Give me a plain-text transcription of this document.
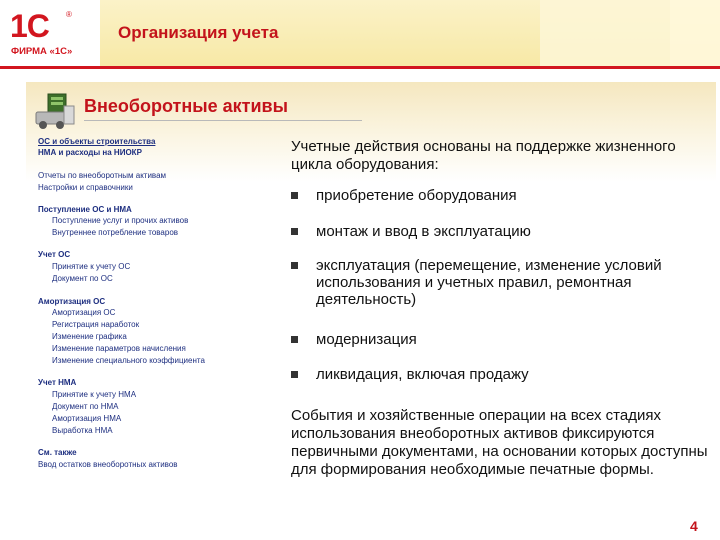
1С ®
ФИРМА «1С»
Организация учета
Внеоборотные активы
ОС и объекты строительства
НМА и расходы на НИОКР
Отчеты по внеоборотным активам
Настройки и справочники
Поступление ОС и НМА
Поступление услуг и прочих активов
Внутреннее потребление товаров
Учет ОС
Принятие к учету ОС
Документ по ОС
Амортизация ОС
Амортизация ОС
Регистрация наработок
Изменение графика
Изменение параметров начисления
Изменение специального коэффициента
Учет НМА
Принятие к учету НМА
Документ по НМА
Амортизация НМА
Выработка НМА
См. также
Ввод остатков внеоборотных активов
Учетные действия основаны на поддержке жизненного цикла оборудования:
приобретение оборудования
монтаж и ввод в эксплуатацию
эксплуатация (перемещение, изменение условий использования и учетных правил, ремонтная деятельность)
модернизация
ликвидация, включая продажу
События и хозяйственные операции на всех стадиях использования внеоборотных активов фиксируются первичными документами, на основании которых доступны для формирования необходимые печатные формы.
4
